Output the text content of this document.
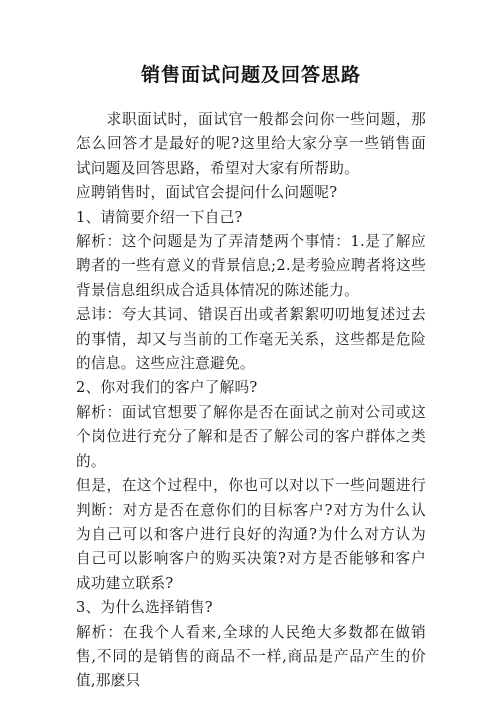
销售面试问题及回答思路

求职面试时，面试官一般都会问你一些问题，那怎么回答才是最好的呢?这里给大家分享一些销售面试问题及回答思路，希望对大家有所帮助。

应聘销售时，面试官会提问什么问题呢?

1、请简要介绍一下自己?

解析：这个问题是为了弄清楚两个事情：1.是了解应聘者的一些有意义的背景信息;2.是考验应聘者将这些背景信息组织成合适具体情况的陈述能力。

忌讳：夸大其词、错误百出或者絮絮叨叨地复述过去的事情，却又与当前的工作毫无关系，这些都是危险的信息。这些应注意避免。

2、你对我们的客户了解吗?

解析：面试官想要了解你是否在面试之前对公司或这个岗位进行充分了解和是否了解公司的客户群体之类的。

但是，在这个过程中，你也可以对以下一些问题进行判断：对方是否在意你们的目标客户?对方为什么认为自己可以和客户进行良好的沟通?为什么对方认为自己可以影响客户的购买决策?对方是否能够和客户成功建立联系?

3、为什么选择销售?

解析：在我个人看来,全球的人民绝大多数都在做销售,不同的是销售的商品不一样,商品是产品产生的价值,那麽只
